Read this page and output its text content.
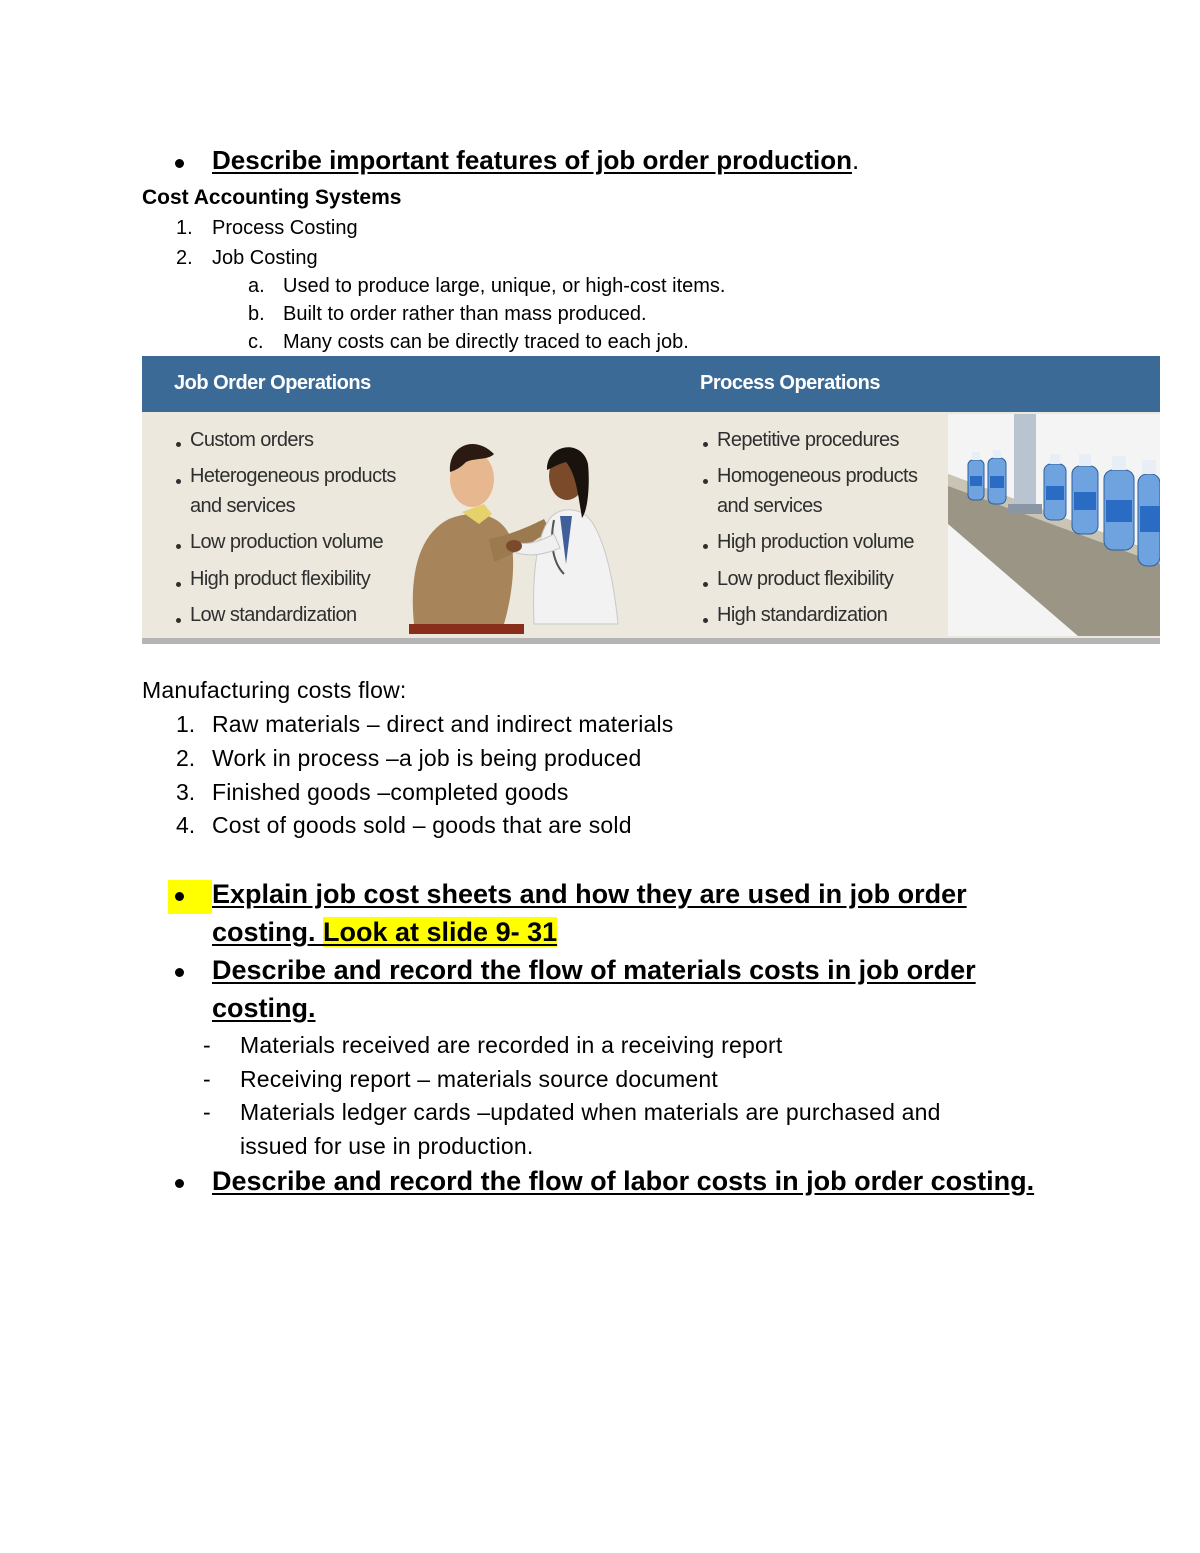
Describe important features of job order production.
Cost Accounting Systems
1. Process Costing
2. Job Costing
a. Used to produce large, unique, or high-cost items.
b. Built to order rather than mass produced.
c. Many costs can be directly traced to each job.
Job Order Operations	Process Operations
Custom orders
Heterogeneous products
and services
Low production volume
High product flexibility
Low standardization
Repetitive procedures
Homogeneous products
and services
High production volume
Low product flexibility
High standardization
Manufacturing costs flow:
1. Raw materials – direct and indirect materials
2. Work in process –a job is being produced
3. Finished goods –completed goods
4. Cost of goods sold – goods that are sold
Explain job cost sheets and how they are used in job order
costing. Look at slide 9- 31
Describe and record the flow of materials costs in job order
costing.
- Materials received are recorded in a receiving report
- Receiving report – materials source document
- Materials ledger cards –updated when materials are purchased and
issued for use in production.
Describe and record the flow of labor costs in job order costing.
